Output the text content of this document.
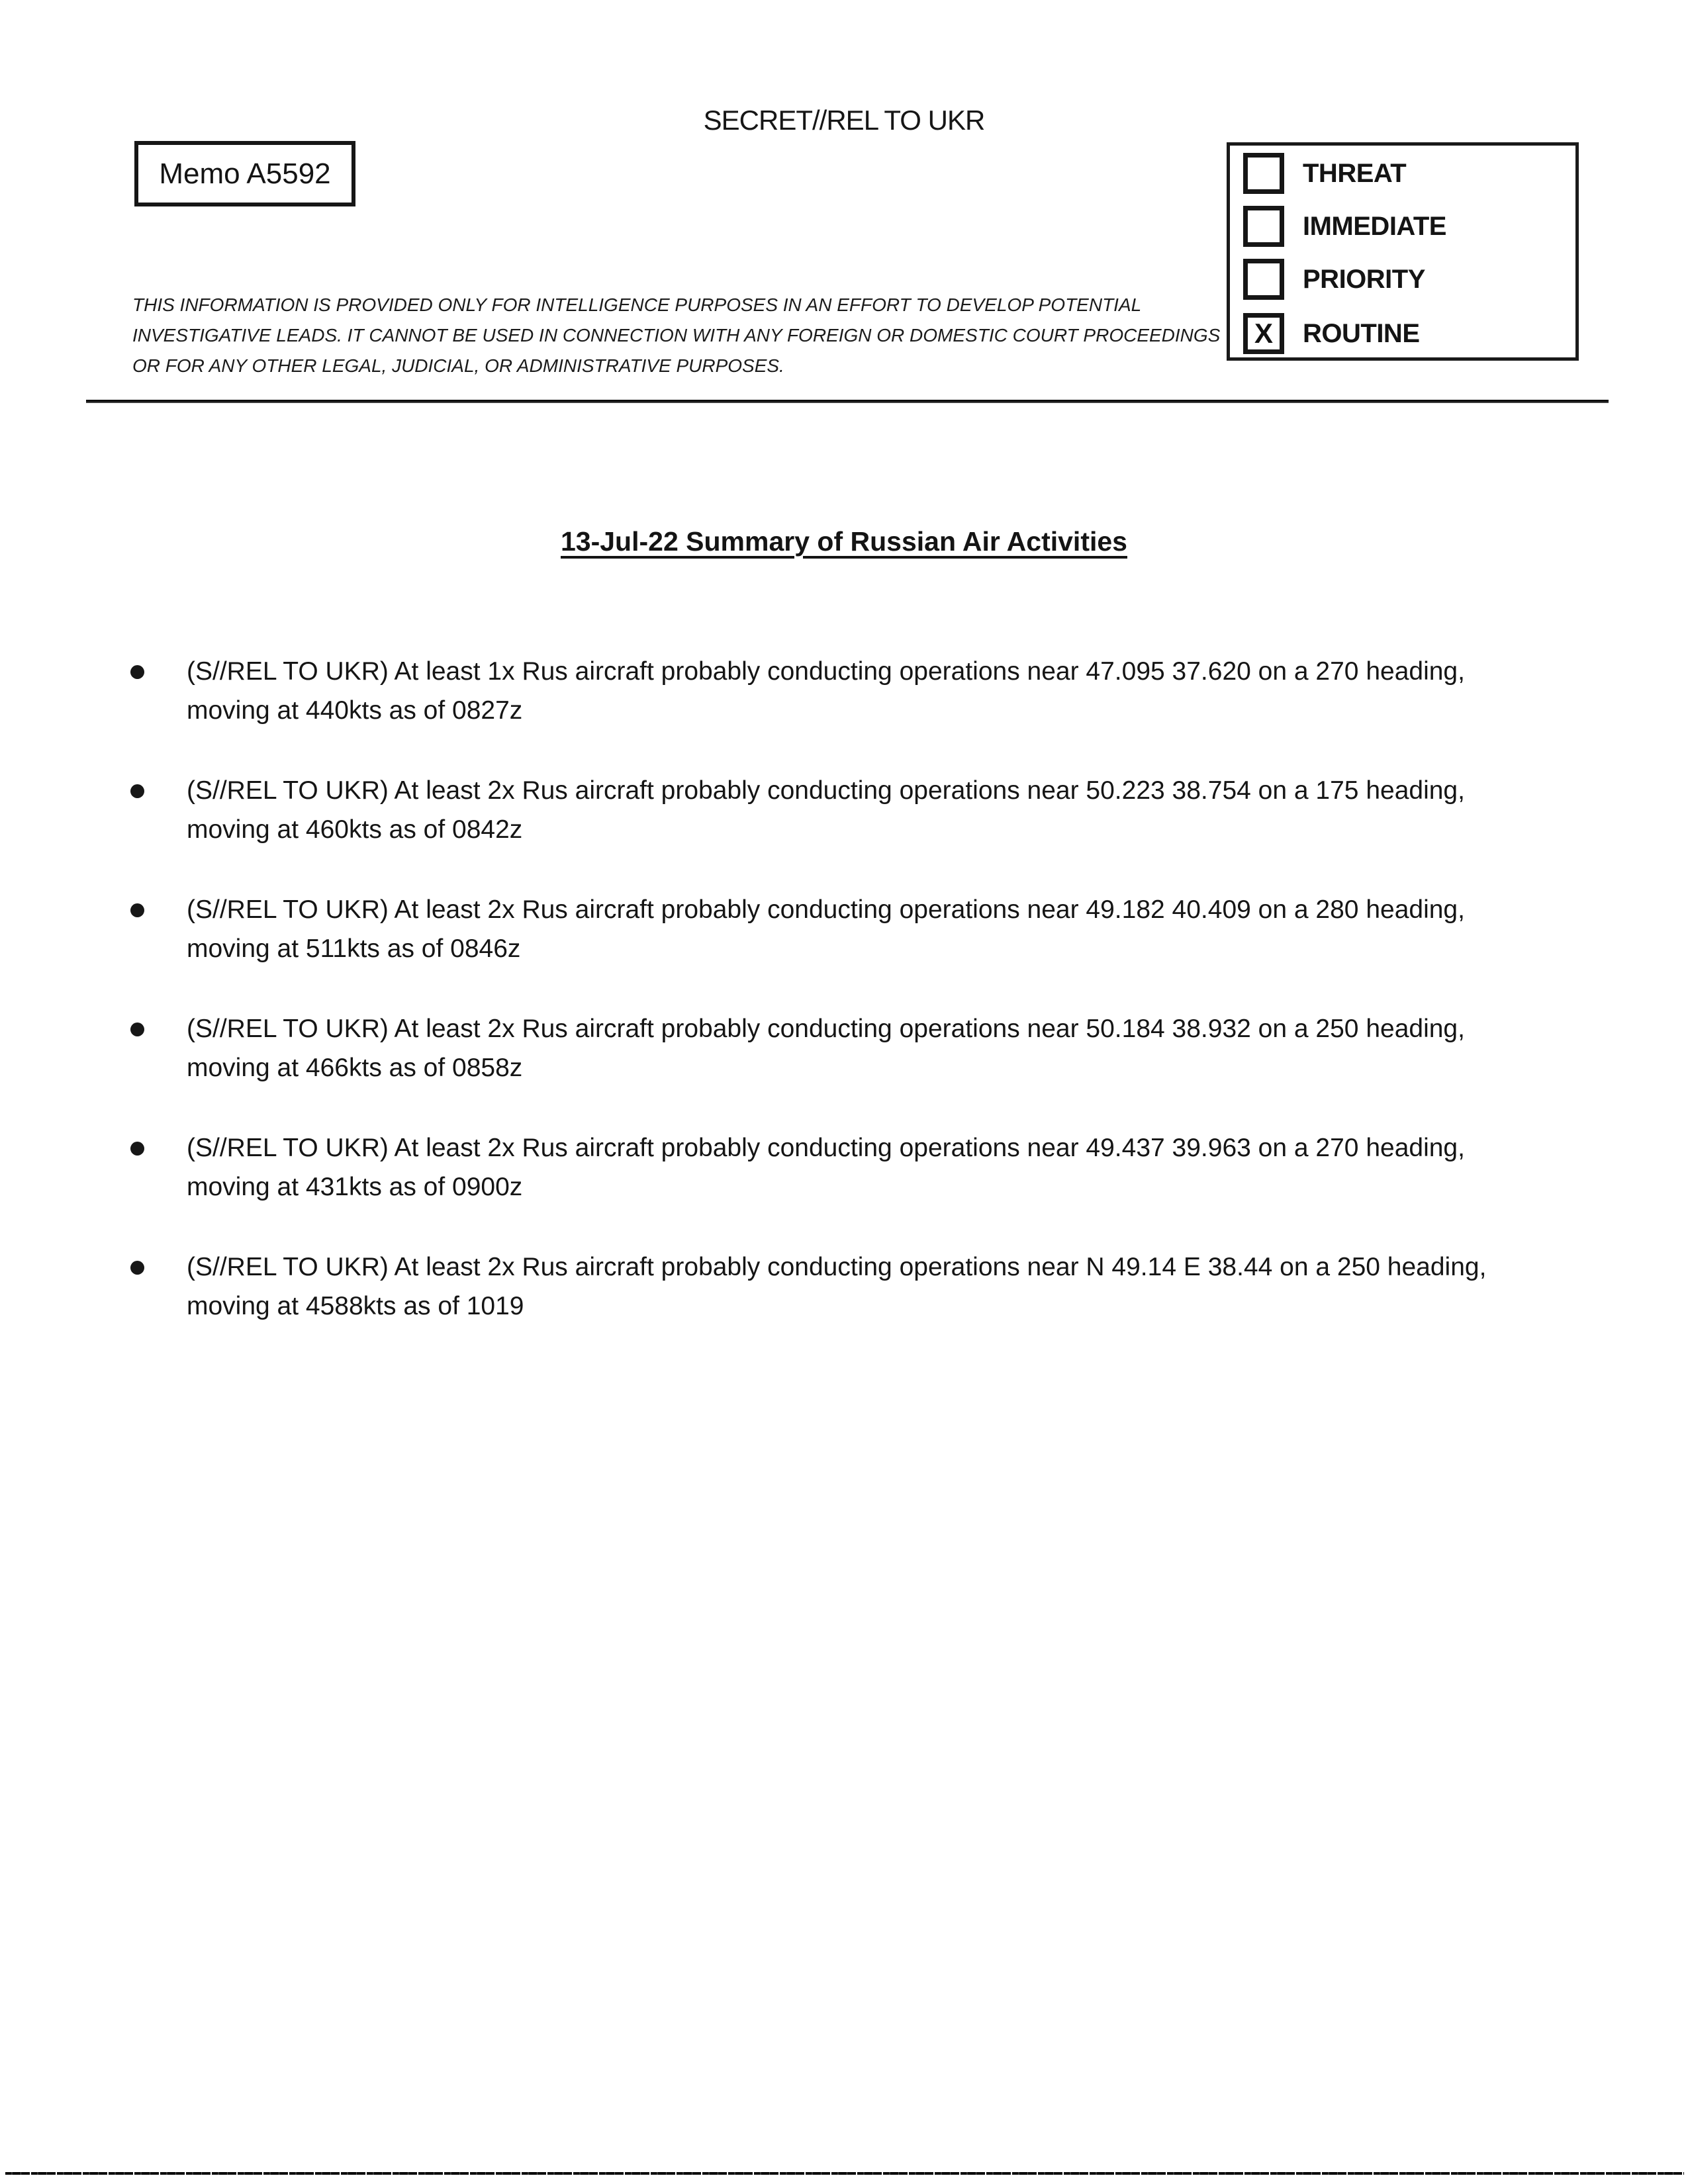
SECRET//REL TO UKR
Memo A5592	THREAT
IMMEDIATE
PRIORITY
X	ROUTINE
THIS INFORMATION IS PROVIDED ONLY FOR INTELLIGENCE PURPOSES IN AN EFFORT TO DEVELOP POTENTIAL
INVESTIGATIVE LEADS. IT CANNOT BE USED IN CONNECTION WITH ANY FOREIGN OR DOMESTIC COURT PROCEEDINGS
OR FOR ANY OTHER LEGAL, JUDICIAL, OR ADMINISTRATIVE PURPOSES.
13-Jul-22 Summary of Russian Air Activities
(S//REL TO UKR) At least 1x Rus aircraft probably conducting operations near 47.095 37.620 on a 270 heading,
moving at 440kts as of 0827z
(S//REL TO UKR) At least 2x Rus aircraft probably conducting operations near 50.223 38.754 on a 175 heading,
moving at 460kts as of 0842z
(S//REL TO UKR) At least 2x Rus aircraft probably conducting operations near 49.182 40.409 on a 280 heading,
moving at 511kts as of 0846z
(S//REL TO UKR) At least 2x Rus aircraft probably conducting operations near 50.184 38.932 on a 250 heading,
moving at 466kts as of 0858z
(S//REL TO UKR) At least 2x Rus aircraft probably conducting operations near 49.437 39.963 on a 270 heading,
moving at 431kts as of 0900z
(S//REL TO UKR) At least 2x Rus aircraft probably conducting operations near N 49.14 E 38.44 on a 250 heading,
moving at 4588kts as of 1019
